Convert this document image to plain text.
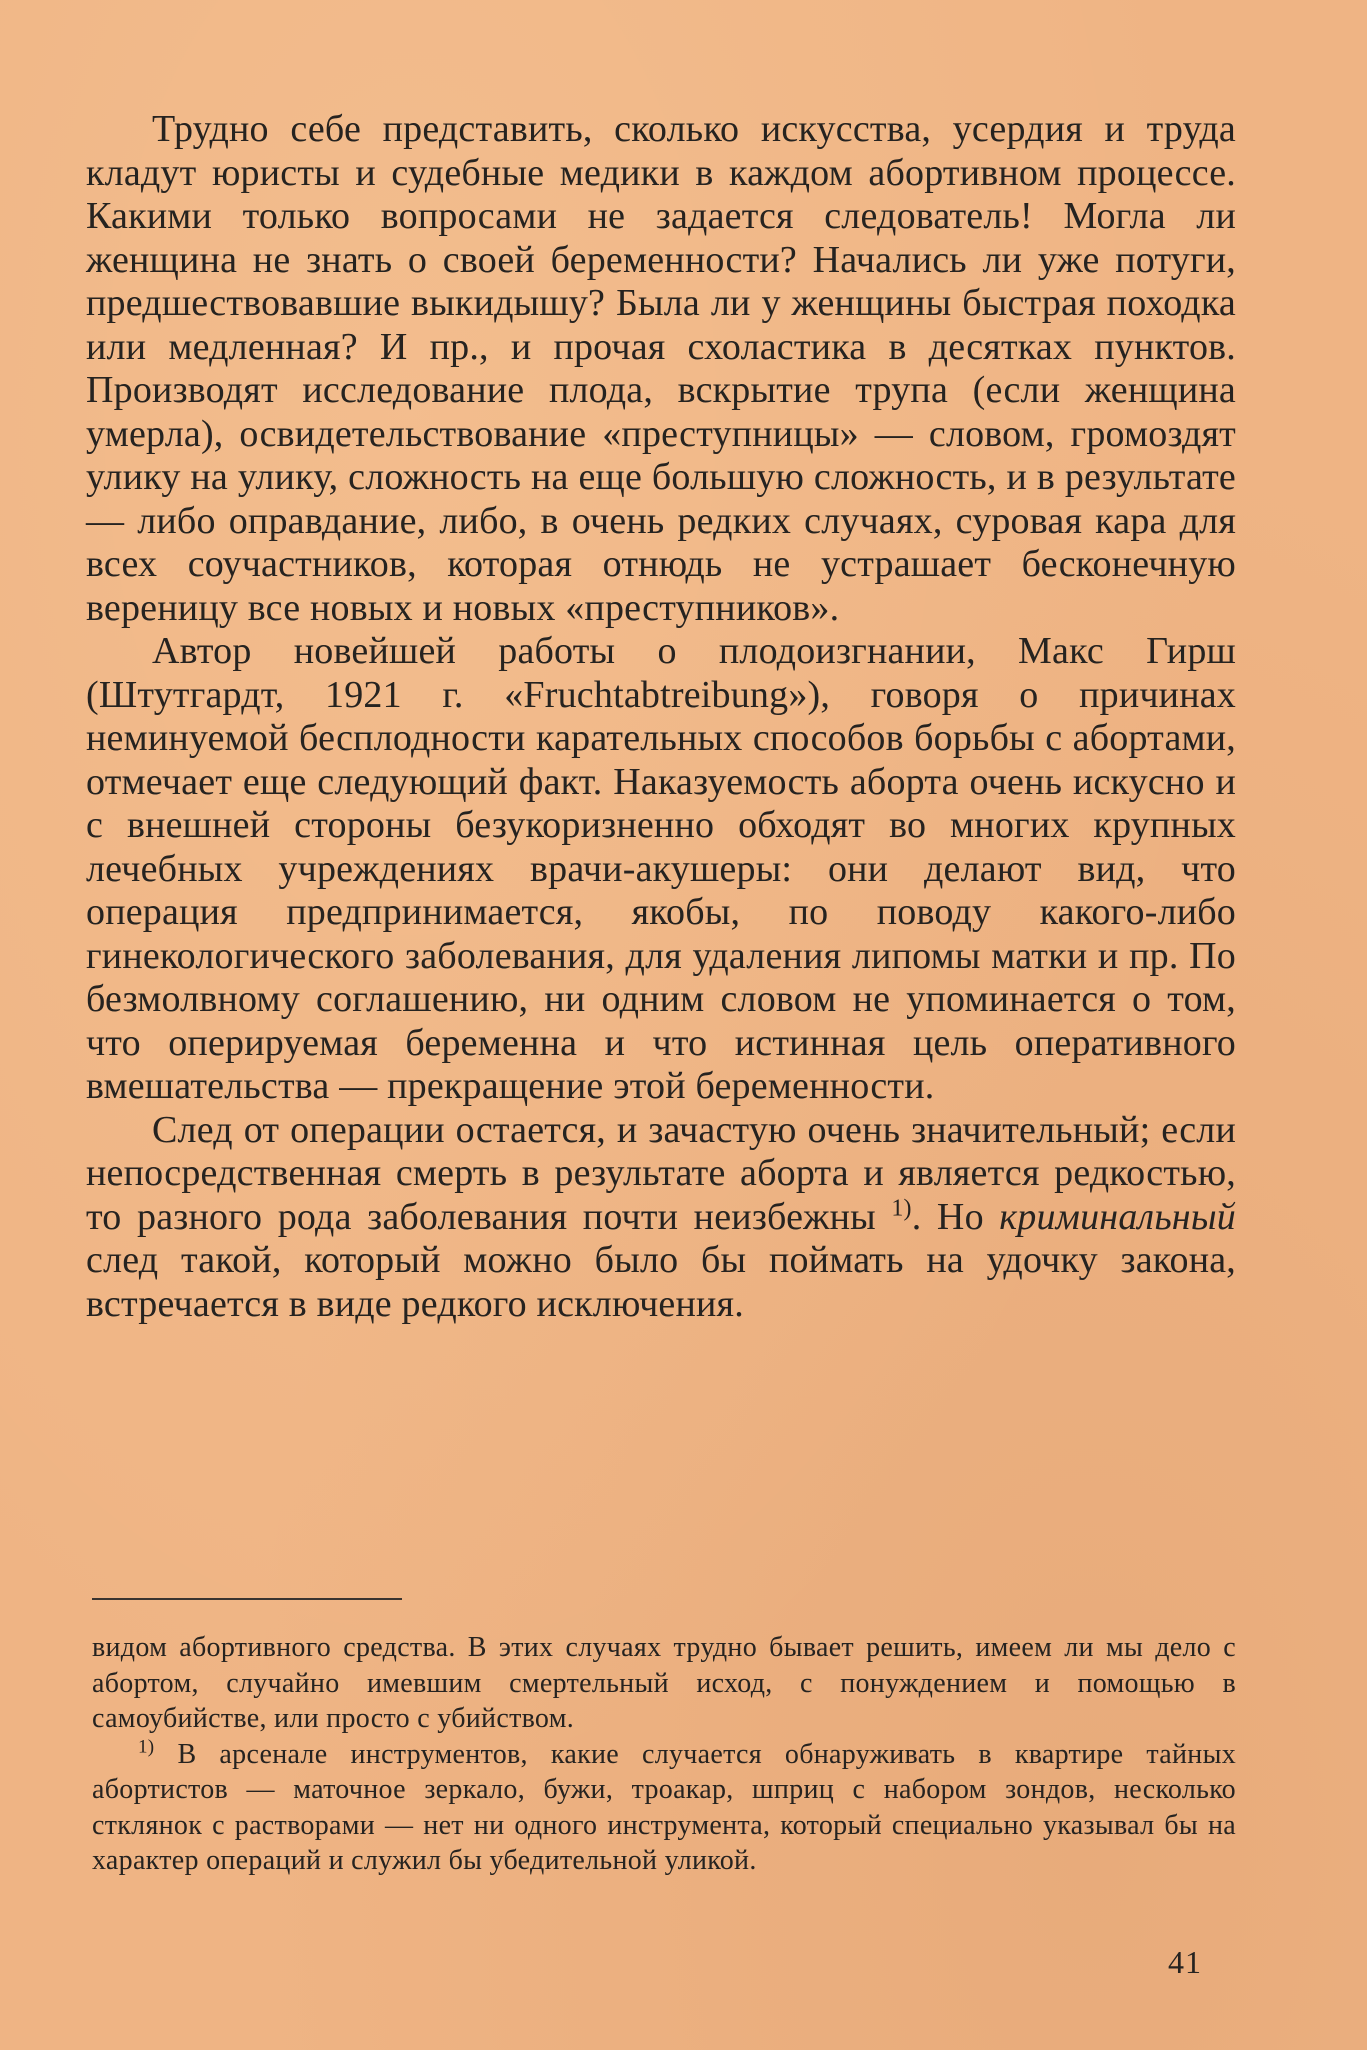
Трудно себе представить, сколько искусства, усердия и труда кладут юристы и судебные медики в каждом абортивном процессе. Какими только вопросами не задается следователь! Могла ли женщина не знать о своей беременности? Начались ли уже потуги, предшествовавшие выкидышу? Была ли у женщины быстрая походка или медленная? И пр., и прочая схоластика в десятках пунктов. Производят исследование плода, вскрытие трупа (если женщина умерла), освидетельствование «преступницы» — словом, громоздят улику на улику, сложность на еще большую сложность, и в результате — либо оправдание, либо, в очень редких случаях, суровая кара для всех соучастников, которая отнюдь не устрашает бесконечную вереницу все новых и новых «преступников».

Автор новейшей работы о плодоизгнании, Макс Гирш (Штутгардт, 1921 г. «Fruchtabtreibung»), говоря о причинах неминуемой бесплодности карательных способов борьбы с абортами, отмечает еще следующий факт. Наказуемость аборта очень искусно и с внешней стороны безукоризненно обходят во многих крупных лечебных учреждениях врачи-акушеры: они делают вид, что операция предпринимается, якобы, по поводу какого-либо гинекологического заболевания, для удаления липомы матки и пр. По безмолвному соглашению, ни одним словом не упоминается о том, что оперируемая беременна и что истинная цель оперативного вмешательства — прекращение этой беременности.

След от операции остается, и зачастую очень значительный; если непосредственная смерть в результате аборта и является редкостью, то разного рода заболевания почти неизбежны $^{1)}$. Но криминальный след такой, который можно было бы поймать на удочку закона, встречается в виде редкого исключения.

видом абортивного средства. В этих случаях трудно бывает решить, имеем ли мы дело с абортом, случайно имевшим смертельный исход, с понуждением и помощью в самоубийстве, или просто с убийством.

$^{1)}$ В арсенале инструментов, какие случается обнаруживать в квартире тайных абортистов — маточное зеркало, бужи, троакар, шприц с набором зондов, несколько стклянок с растворами — нет ни одного инструмента, который специально указывал бы на характер операций и служил бы убедительной уликой.

41
